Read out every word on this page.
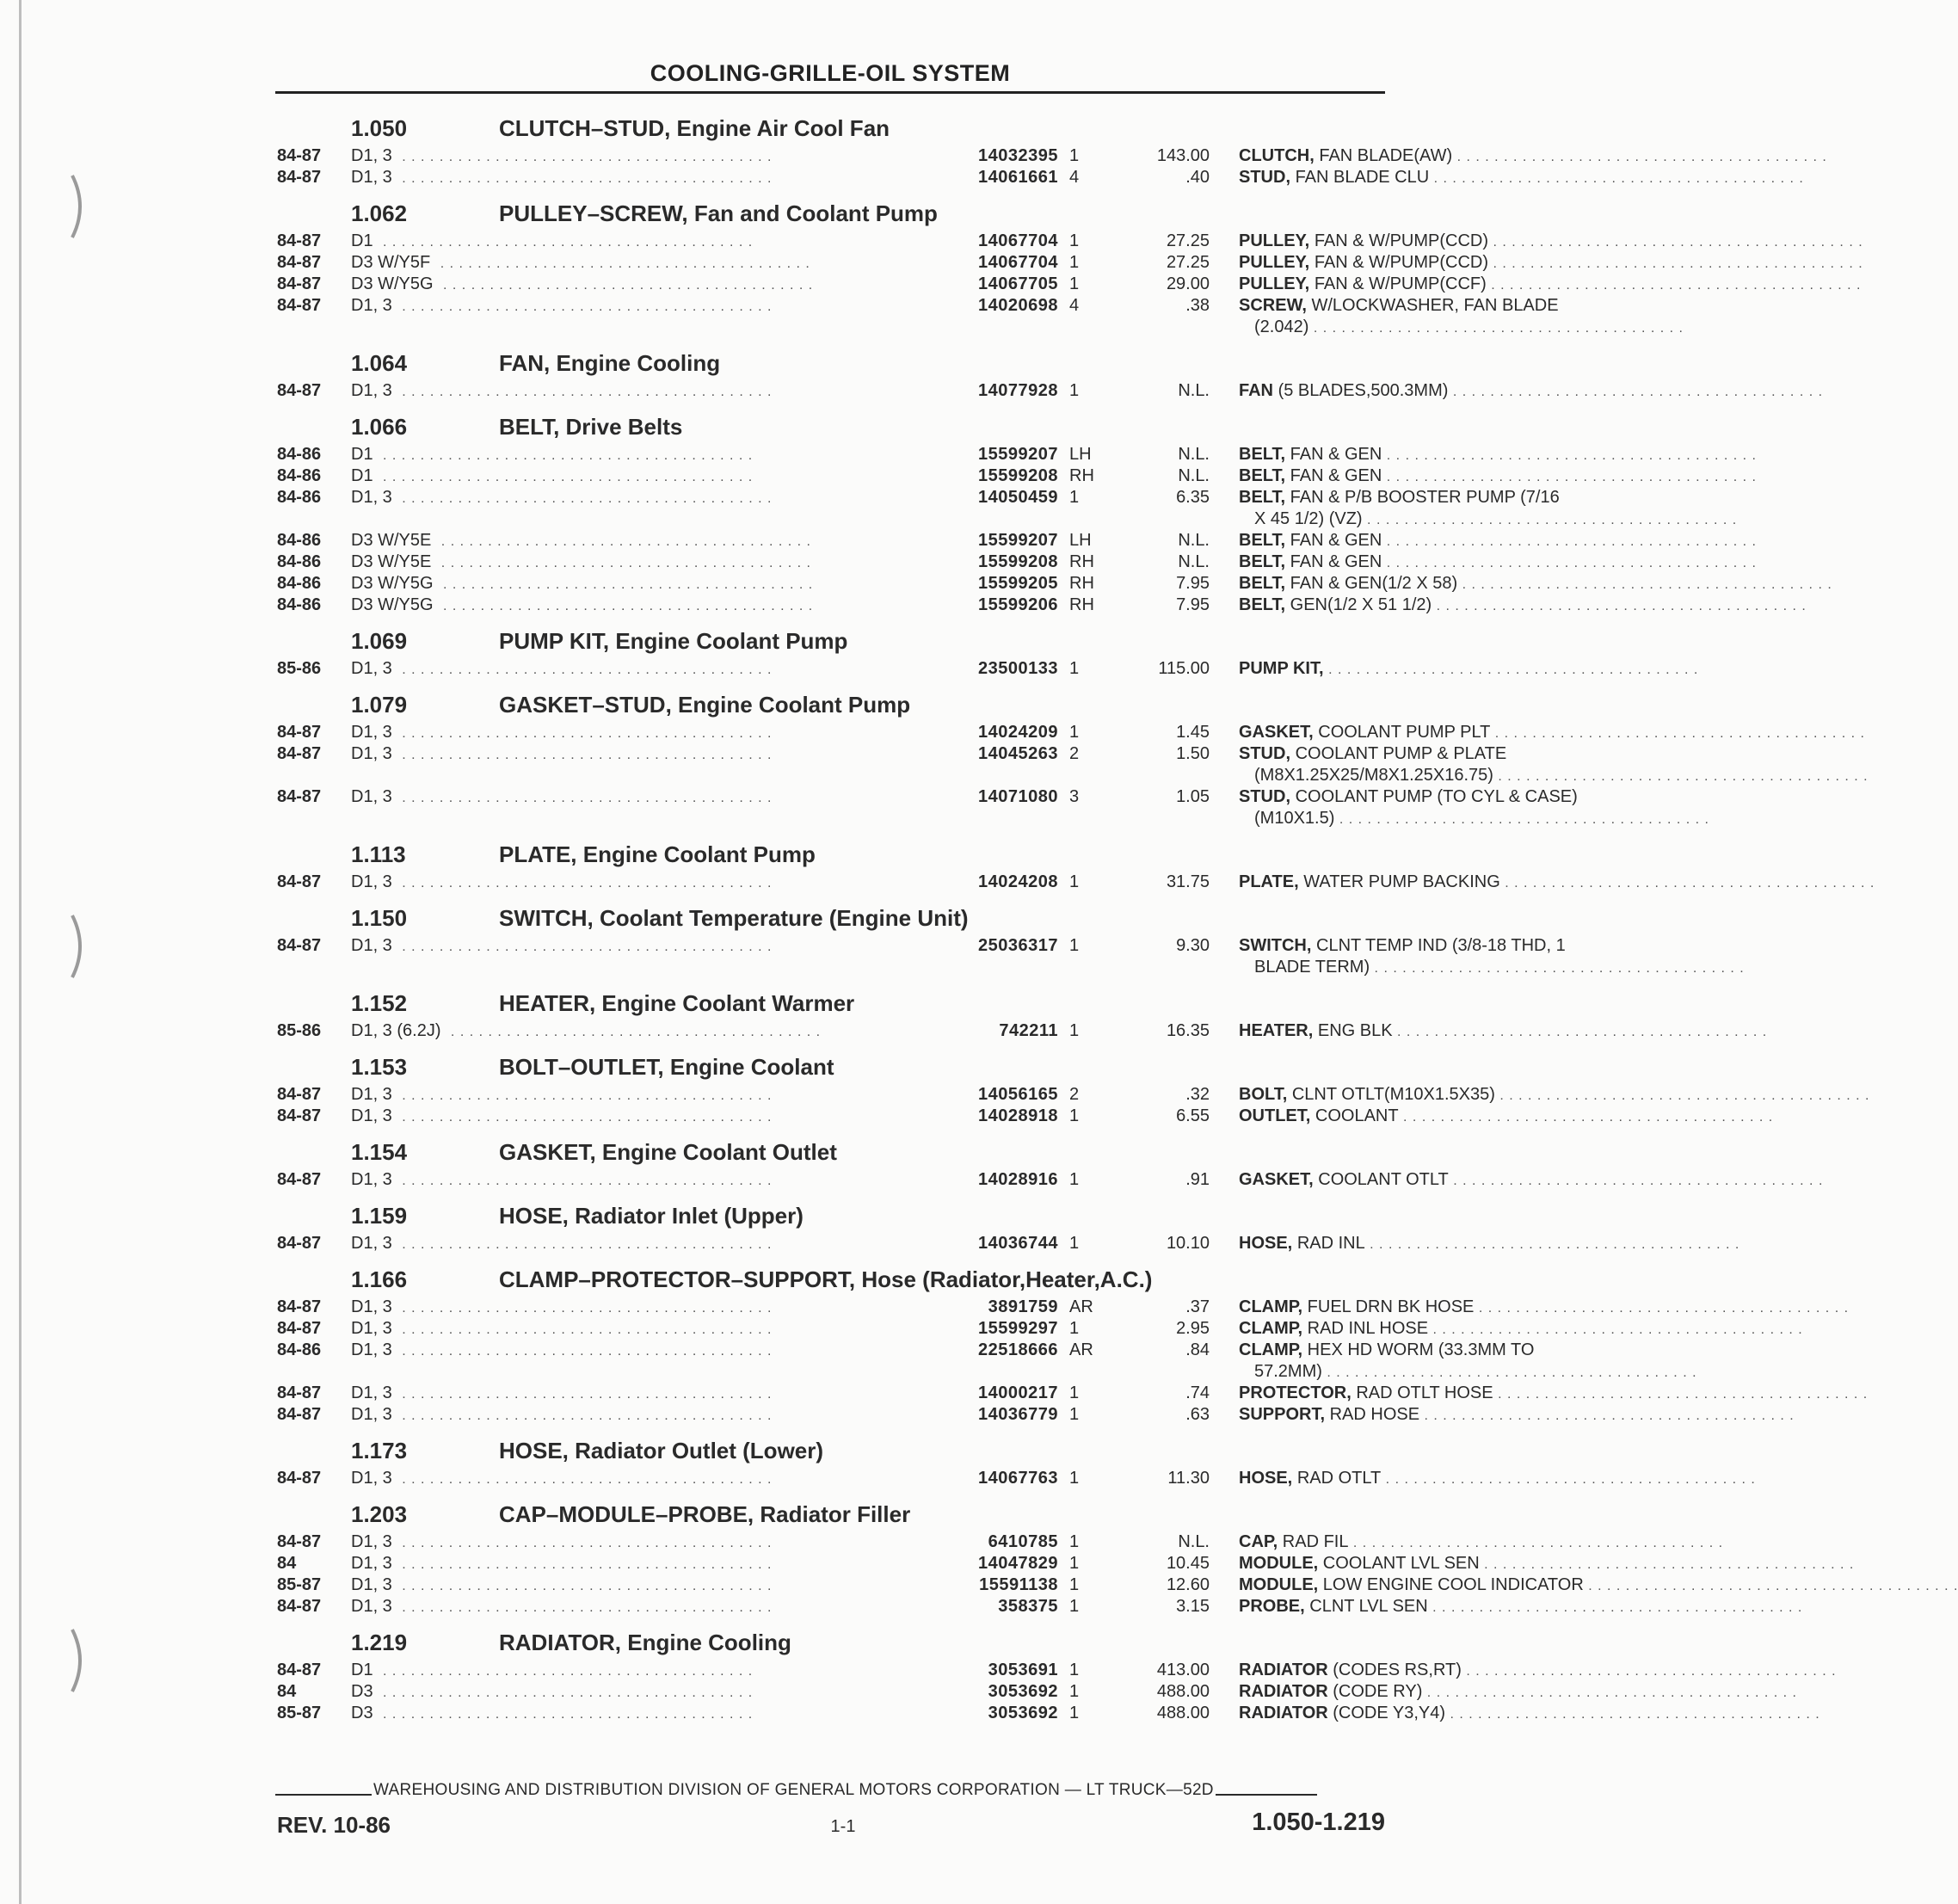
COOLING-GRILLE-OIL SYSTEM
1.050	CLUTCH–STUD, Engine Air Cool Fan
84-87	D1, 3 . . . . . . . . . . . . . . . . . . . . . . . . . . . . . . . . . . . . . . . .	14032395 1	143.00 CLUTCH, FAN BLADE(AW) . . . . . . . . . . . . . . . . . . . . . . . . . . . . . . . . . . . . . . . .
84-87	D1, 3 . . . . . . . . . . . . . . . . . . . . . . . . . . . . . . . . . . . . . . . .	14061661 4	.40 STUD, FAN BLADE CLU . . . . . . . . . . . . . . . . . . . . . . . . . . . . . . . . . . . . . . . .
1.062	PULLEY–SCREW, Fan and Coolant Pump
84-87	D1 . . . . . . . . . . . . . . . . . . . . . . . . . . . . . . . . . . . . . . . .	14067704 1	27.25 PULLEY, FAN & W/PUMP(CCD) . . . . . . . . . . . . . . . . . . . . . . . . . . . . . . . . . . . . . . . .
84-87	D3 W/Y5F . . . . . . . . . . . . . . . . . . . . . . . . . . . . . . . . . . . . . . . .	14067704 1	27.25 PULLEY, FAN & W/PUMP(CCD) . . . . . . . . . . . . . . . . . . . . . . . . . . . . . . . . . . . . . . . .
84-87	D3 W/Y5G . . . . . . . . . . . . . . . . . . . . . . . . . . . . . . . . . . . . . . . .	14067705 1	29.00 PULLEY, FAN & W/PUMP(CCF) . . . . . . . . . . . . . . . . . . . . . . . . . . . . . . . . . . . . . . . .
84-87	D1, 3 . . . . . . . . . . . . . . . . . . . . . . . . . . . . . . . . . . . . . . . .	14020698 4	.38 SCREW, W/LOCKWASHER, FAN BLADE
(2.042) . . . . . . . . . . . . . . . . . . . . . . . . . . . . . . . . . . . . . . . .
1.064	FAN, Engine Cooling
84-87	D1, 3 . . . . . . . . . . . . . . . . . . . . . . . . . . . . . . . . . . . . . . . .	14077928 1	N.L. FAN (5 BLADES,500.3MM) . . . . . . . . . . . . . . . . . . . . . . . . . . . . . . . . . . . . . . . .
1.066	BELT, Drive Belts
84-86	D1 . . . . . . . . . . . . . . . . . . . . . . . . . . . . . . . . . . . . . . . .	15599207 LH	N.L. BELT, FAN & GEN . . . . . . . . . . . . . . . . . . . . . . . . . . . . . . . . . . . . . . . .
84-86	D1 . . . . . . . . . . . . . . . . . . . . . . . . . . . . . . . . . . . . . . . .	15599208 RH	N.L. BELT, FAN & GEN . . . . . . . . . . . . . . . . . . . . . . . . . . . . . . . . . . . . . . . .
84-86	D1, 3 . . . . . . . . . . . . . . . . . . . . . . . . . . . . . . . . . . . . . . . .	14050459 1	6.35 BELT, FAN & P/B BOOSTER PUMP (7/16
X 45 1/2) (VZ) . . . . . . . . . . . . . . . . . . . . . . . . . . . . . . . . . . . . . . . .
84-86	D3 W/Y5E . . . . . . . . . . . . . . . . . . . . . . . . . . . . . . . . . . . . . . . .	15599207 LH	N.L. BELT, FAN & GEN . . . . . . . . . . . . . . . . . . . . . . . . . . . . . . . . . . . . . . . .
84-86	D3 W/Y5E . . . . . . . . . . . . . . . . . . . . . . . . . . . . . . . . . . . . . . . .	15599208 RH	N.L. BELT, FAN & GEN . . . . . . . . . . . . . . . . . . . . . . . . . . . . . . . . . . . . . . . .
84-86	D3 W/Y5G . . . . . . . . . . . . . . . . . . . . . . . . . . . . . . . . . . . . . . . .	15599205 RH	7.95 BELT, FAN & GEN(1/2 X 58) . . . . . . . . . . . . . . . . . . . . . . . . . . . . . . . . . . . . . . . .
84-86	D3 W/Y5G . . . . . . . . . . . . . . . . . . . . . . . . . . . . . . . . . . . . . . . .	15599206 RH	7.95 BELT, GEN(1/2 X 51 1/2) . . . . . . . . . . . . . . . . . . . . . . . . . . . . . . . . . . . . . . . .
1.069	PUMP KIT, Engine Coolant Pump
85-86	D1, 3 . . . . . . . . . . . . . . . . . . . . . . . . . . . . . . . . . . . . . . . .	23500133 1	115.00 PUMP KIT, . . . . . . . . . . . . . . . . . . . . . . . . . . . . . . . . . . . . . . . .
1.079	GASKET–STUD, Engine Coolant Pump
84-87	D1, 3 . . . . . . . . . . . . . . . . . . . . . . . . . . . . . . . . . . . . . . . .	14024209 1	1.45 GASKET, COOLANT PUMP PLT . . . . . . . . . . . . . . . . . . . . . . . . . . . . . . . . . . . . . . . .
84-87	D1, 3 . . . . . . . . . . . . . . . . . . . . . . . . . . . . . . . . . . . . . . . .	14045263 2	1.50 STUD, COOLANT PUMP & PLATE
(M8X1.25X25/M8X1.25X16.75) . . . . . . . . . . . . . . . . . . . . . . . . . . . . . . . . . . . . . . . .
84-87	D1, 3 . . . . . . . . . . . . . . . . . . . . . . . . . . . . . . . . . . . . . . . .	14071080 3	1.05 STUD, COOLANT PUMP (TO CYL & CASE)
(M10X1.5) . . . . . . . . . . . . . . . . . . . . . . . . . . . . . . . . . . . . . . . .
1.113	PLATE, Engine Coolant Pump
84-87	D1, 3 . . . . . . . . . . . . . . . . . . . . . . . . . . . . . . . . . . . . . . . .	14024208 1	31.75 PLATE, WATER PUMP BACKING . . . . . . . . . . . . . . . . . . . . . . . . . . . . . . . . . . . . . . . .
1.150	SWITCH, Coolant Temperature (Engine Unit)
84-87	D1, 3 . . . . . . . . . . . . . . . . . . . . . . . . . . . . . . . . . . . . . . . .	25036317 1	9.30 SWITCH, CLNT TEMP IND (3/8-18 THD, 1
BLADE TERM) . . . . . . . . . . . . . . . . . . . . . . . . . . . . . . . . . . . . . . . .
1.152	HEATER, Engine Coolant Warmer
85-86	D1, 3 (6.2J) . . . . . . . . . . . . . . . . . . . . . . . . . . . . . . . . . . . . . . . .	742211 1	16.35 HEATER, ENG BLK . . . . . . . . . . . . . . . . . . . . . . . . . . . . . . . . . . . . . . . .
1.153	BOLT–OUTLET, Engine Coolant
84-87	D1, 3 . . . . . . . . . . . . . . . . . . . . . . . . . . . . . . . . . . . . . . . .	14056165 2	.32 BOLT, CLNT OTLT(M10X1.5X35) . . . . . . . . . . . . . . . . . . . . . . . . . . . . . . . . . . . . . . . .
84-87	D1, 3 . . . . . . . . . . . . . . . . . . . . . . . . . . . . . . . . . . . . . . . .	14028918 1	6.55 OUTLET, COOLANT . . . . . . . . . . . . . . . . . . . . . . . . . . . . . . . . . . . . . . . .
1.154	GASKET, Engine Coolant Outlet
84-87	D1, 3 . . . . . . . . . . . . . . . . . . . . . . . . . . . . . . . . . . . . . . . .	14028916 1	.91 GASKET, COOLANT OTLT . . . . . . . . . . . . . . . . . . . . . . . . . . . . . . . . . . . . . . . .
1.159	HOSE, Radiator Inlet (Upper)
84-87	D1, 3 . . . . . . . . . . . . . . . . . . . . . . . . . . . . . . . . . . . . . . . .	14036744 1	10.10 HOSE, RAD INL . . . . . . . . . . . . . . . . . . . . . . . . . . . . . . . . . . . . . . . .
1.166	CLAMP–PROTECTOR–SUPPORT, Hose (Radiator,Heater,A.C.)
84-87	D1, 3 . . . . . . . . . . . . . . . . . . . . . . . . . . . . . . . . . . . . . . . .	3891759 AR	.37 CLAMP, FUEL DRN BK HOSE . . . . . . . . . . . . . . . . . . . . . . . . . . . . . . . . . . . . . . . .
84-87	D1, 3 . . . . . . . . . . . . . . . . . . . . . . . . . . . . . . . . . . . . . . . .	15599297 1	2.95 CLAMP, RAD INL HOSE . . . . . . . . . . . . . . . . . . . . . . . . . . . . . . . . . . . . . . . .
84-86	D1, 3 . . . . . . . . . . . . . . . . . . . . . . . . . . . . . . . . . . . . . . . .	22518666 AR	.84 CLAMP, HEX HD WORM (33.3MM TO
57.2MM) . . . . . . . . . . . . . . . . . . . . . . . . . . . . . . . . . . . . . . . .
84-87	D1, 3 . . . . . . . . . . . . . . . . . . . . . . . . . . . . . . . . . . . . . . . .	14000217 1	.74 PROTECTOR, RAD OTLT HOSE . . . . . . . . . . . . . . . . . . . . . . . . . . . . . . . . . . . . . . . .
84-87	D1, 3 . . . . . . . . . . . . . . . . . . . . . . . . . . . . . . . . . . . . . . . .	14036779 1	.63 SUPPORT, RAD HOSE . . . . . . . . . . . . . . . . . . . . . . . . . . . . . . . . . . . . . . . .
1.173	HOSE, Radiator Outlet (Lower)
84-87	D1, 3 . . . . . . . . . . . . . . . . . . . . . . . . . . . . . . . . . . . . . . . .	14067763 1	11.30 HOSE, RAD OTLT . . . . . . . . . . . . . . . . . . . . . . . . . . . . . . . . . . . . . . . .
1.203	CAP–MODULE–PROBE, Radiator Filler
84-87	D1, 3 . . . . . . . . . . . . . . . . . . . . . . . . . . . . . . . . . . . . . . . .	6410785 1	N.L. CAP, RAD FIL . . . . . . . . . . . . . . . . . . . . . . . . . . . . . . . . . . . . . . . .
84	D1, 3 . . . . . . . . . . . . . . . . . . . . . . . . . . . . . . . . . . . . . . . .	14047829 1	10.45 MODULE, COOLANT LVL SEN . . . . . . . . . . . . . . . . . . . . . . . . . . . . . . . . . . . . . . . .
85-87	D1, 3 . . . . . . . . . . . . . . . . . . . . . . . . . . . . . . . . . . . . . . . .	15591138 1	12.60 MODULE, LOW ENGINE COOL INDICATOR . . . . . . . . . . . . . . . . . . . . . . . . . . . . . . . . . . . . . . . .
84-87	D1, 3 . . . . . . . . . . . . . . . . . . . . . . . . . . . . . . . . . . . . . . . .	358375 1	3.15 PROBE, CLNT LVL SEN . . . . . . . . . . . . . . . . . . . . . . . . . . . . . . . . . . . . . . . .
1.219	RADIATOR, Engine Cooling
84-87	D1 . . . . . . . . . . . . . . . . . . . . . . . . . . . . . . . . . . . . . . . .	3053691 1	413.00 RADIATOR (CODES RS,RT) . . . . . . . . . . . . . . . . . . . . . . . . . . . . . . . . . . . . . . . .
84	D3 . . . . . . . . . . . . . . . . . . . . . . . . . . . . . . . . . . . . . . . .	3053692 1	488.00 RADIATOR (CODE RY) . . . . . . . . . . . . . . . . . . . . . . . . . . . . . . . . . . . . . . . .
85-87	D3 . . . . . . . . . . . . . . . . . . . . . . . . . . . . . . . . . . . . . . . .	3053692 1	488.00 RADIATOR (CODE Y3,Y4) . . . . . . . . . . . . . . . . . . . . . . . . . . . . . . . . . . . . . . . .
WAREHOUSING AND DISTRIBUTION DIVISION OF GENERAL MOTORS CORPORATION — LT TRUCK—52D
REV. 10-86	1-1	1.050-1.219
